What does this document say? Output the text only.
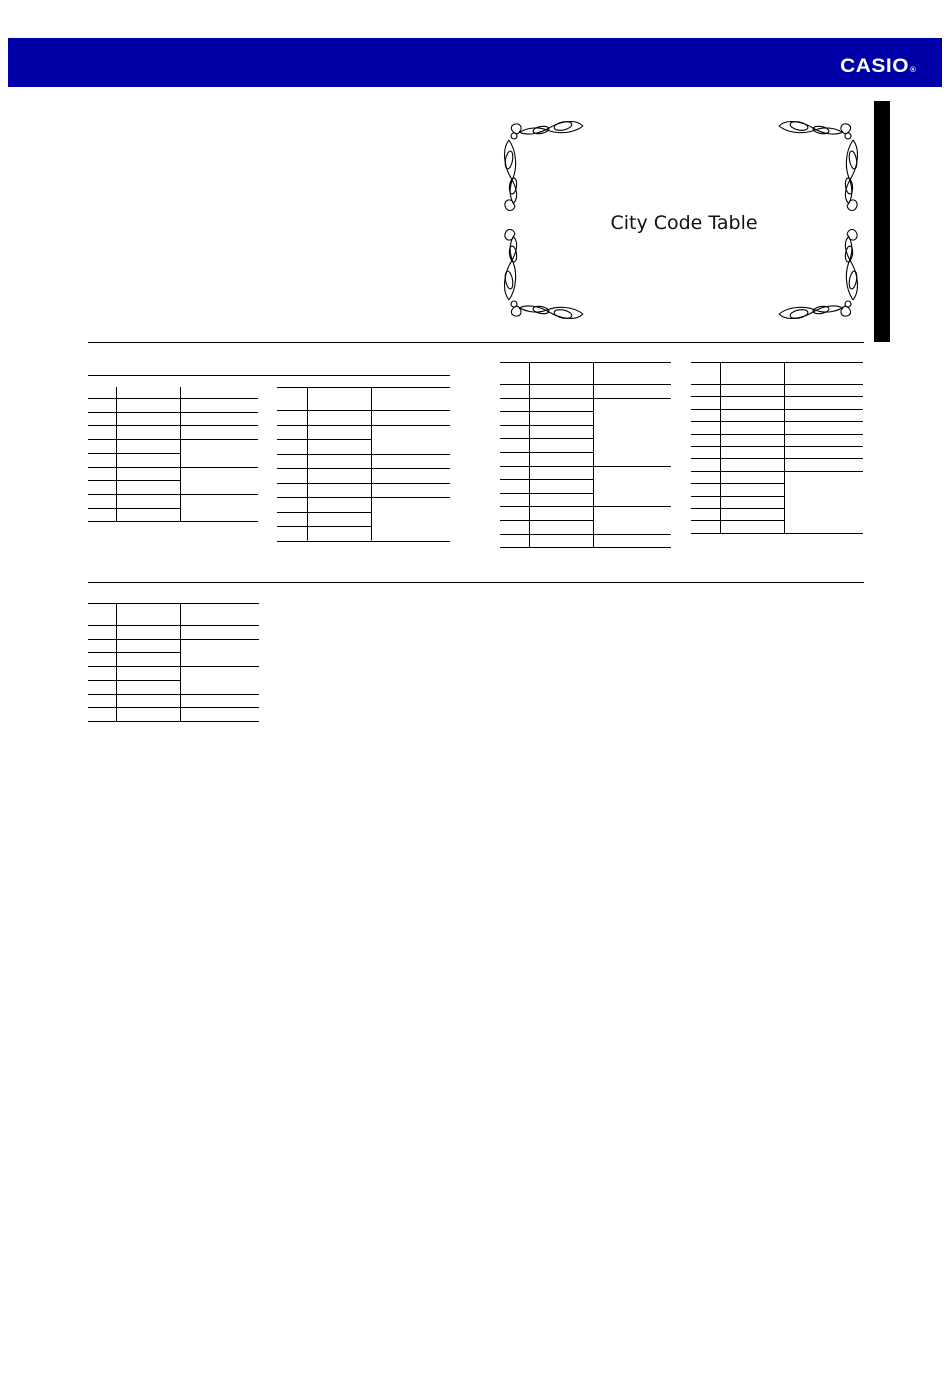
CASIO®
City Code Table
